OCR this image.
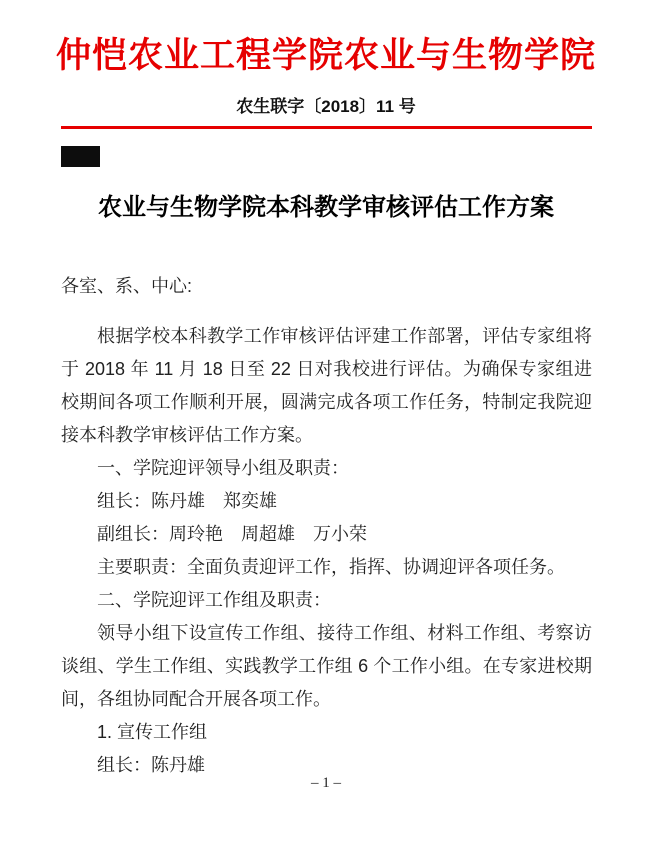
仲恺农业工程学院农业与生物学院
农生联字〔2018〕11 号
农业与生物学院本科教学审核评估工作方案

各室、系、中心:

根据学校本科教学工作审核评估评建工作部署，评估专家组将于 2018 年 11 月 18 日至 22 日对我校进行评估。为确保专家组进校期间各项工作顺利开展，圆满完成各项工作任务，特制定我院迎接本科教学审核评估工作方案。

一、学院迎评领导小组及职责：

组长：陈丹雄　郑奕雄

副组长：周玲艳　周超雄　万小荣

主要职责：全面负责迎评工作，指挥、协调迎评各项任务。

二、学院迎评工作组及职责：

领导小组下设宣传工作组、接待工作组、材料工作组、考察访谈组、学生工作组、实践教学工作组 6 个工作小组。在专家进校期间，各组协同配合开展各项工作。

1. 宣传工作组

组长：陈丹雄

– 1 –
